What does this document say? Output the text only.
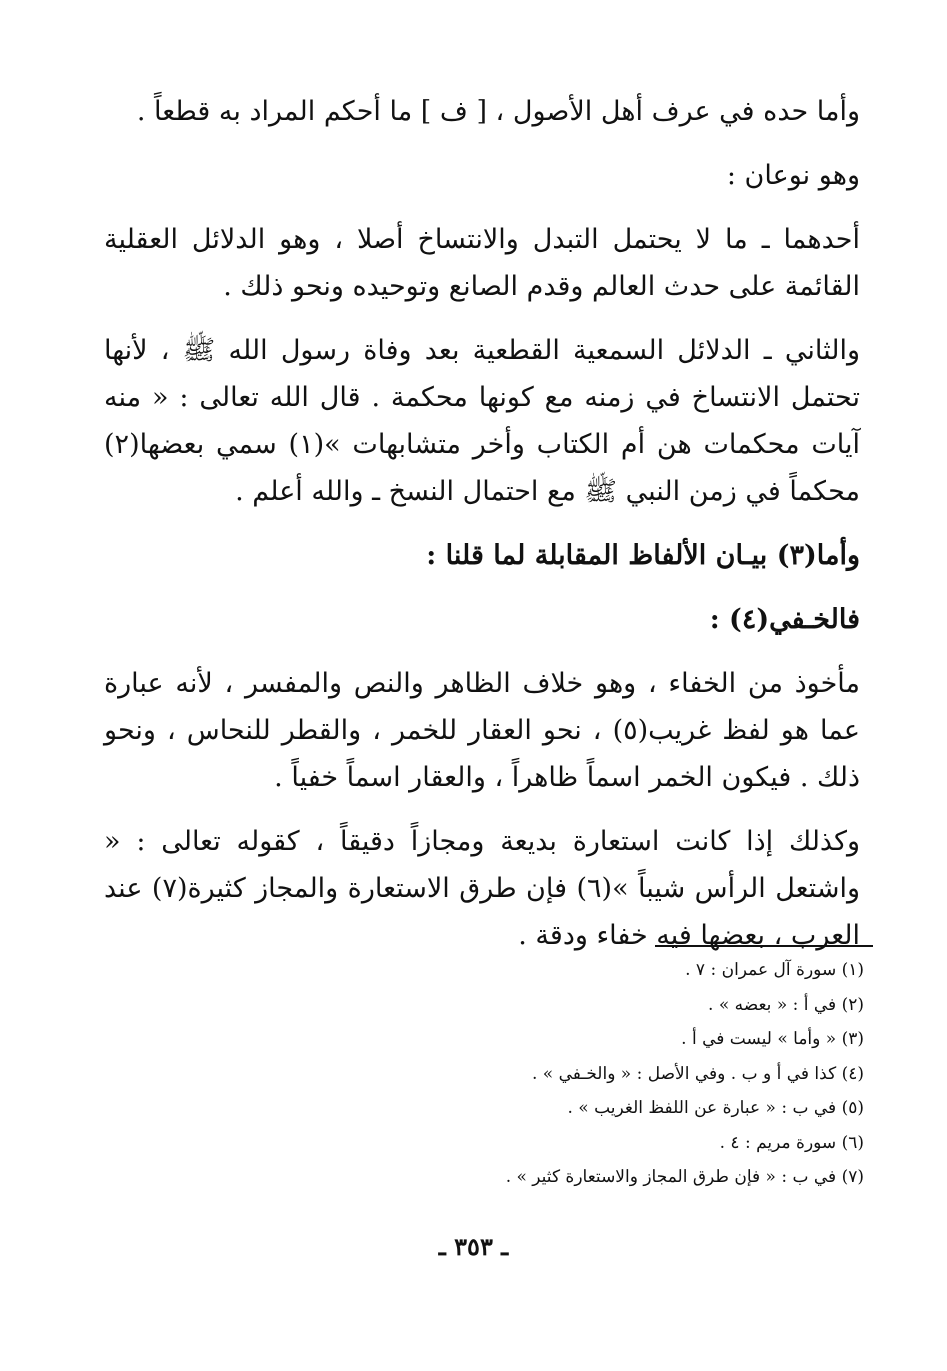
وأما حده في عرف أهل الأصول ، [ ف ] ما أحكم المراد به قطعاً .

وهو نوعان :

أحدهما ـ ما لا يحتمل التبدل والانتساخ أصلا ، وهو الدلائل العقلية القائمة على حدث العالم وقدم الصانع وتوحيده ونحو ذلك .

والثاني ـ الدلائل السمعية القطعية بعد وفاة رسول الله ﷺ ، لأنها تحتمل الانتساخ في زمنه مع كونها محكمة . قال الله تعالى : « منه آيات محكمات هن أم الكتاب وأخر متشابهات »(١) سمي بعضها(٢) محكماً في زمن النبي ﷺ مع احتمال النسخ ـ والله أعلم .

وأما(٣) بيـان الألفاظ المقابلة لما قلنا :

فالخـفي(٤) :

مأخوذ من الخفاء ، وهو خلاف الظاهر والنص والمفسر ، لأنه عبارة عما هو لفظ غريب(٥) ، نحو العقار للخمر ، والقطر للنحاس ، ونحو ذلك . فيكون الخمر اسماً ظاهراً ، والعقار اسماً خفياً .

وكذلك إذا كانت استعارة بديعة ومجازاً دقيقاً ، كقوله تعالى : « واشتعل الرأس شيباً »(٦) فإن طرق الاستعارة والمجاز كثيرة(٧) عند العرب ، بعضها فيه خفاء ودقة .

(١) سورة آل عمران : ٧ .
(٢) في أ : « بعضه » .
(٣) « وأما » ليست في أ .
(٤) كذا في أ و ب . وفي الأصل : « والخـفي » .
(٥) في ب : « عبارة عن اللفظ الغريب » .
(٦) سورة مريم : ٤ .
(٧) في ب : « فإن طرق المجاز والاستعارة كثير » .
ـ ٣٥٣ ـ
